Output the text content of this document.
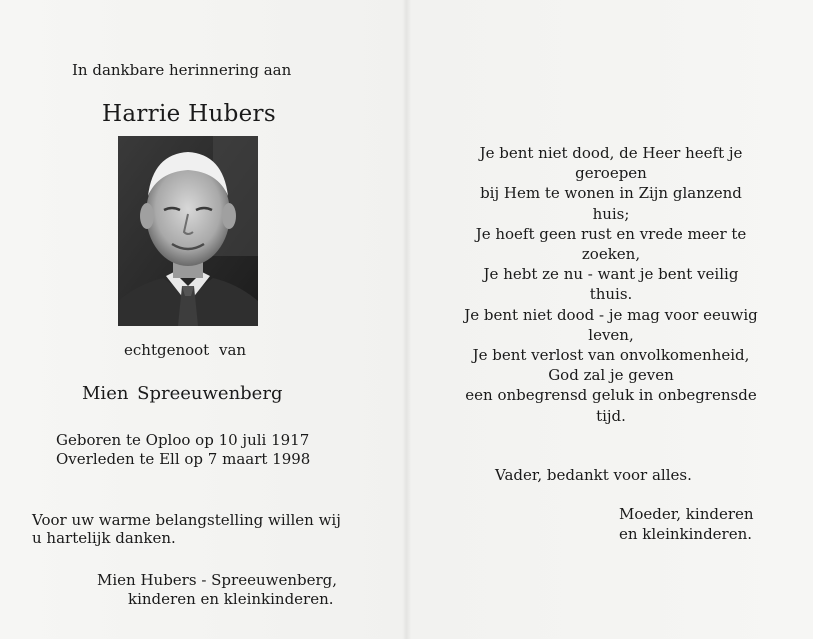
In dankbare herinnering aan
Harrie Hubers
echtgenoot van
Mien Spreeuwenberg
Geboren te Oploo op 10 juli 1917
Overleden te Ell op 7 maart 1998
Voor uw warme belangstelling willen wij
u hartelijk danken.
Mien Hubers - Spreeuwenberg,
kinderen en kleinkinderen.
Je bent niet dood, de Heer heeft je
geroepen
bij Hem te wonen in Zijn glanzend
huis;
Je hoeft geen rust en vrede meer te
zoeken,
Je hebt ze nu - want je bent veilig
thuis.
Je bent niet dood - je mag voor eeuwig
leven,
Je bent verlost van onvolkomenheid,
God zal je geven
een onbegrensd geluk in onbegrensde
tijd.
Vader, bedankt voor alles.
Moeder, kinderen
en kleinkinderen.
